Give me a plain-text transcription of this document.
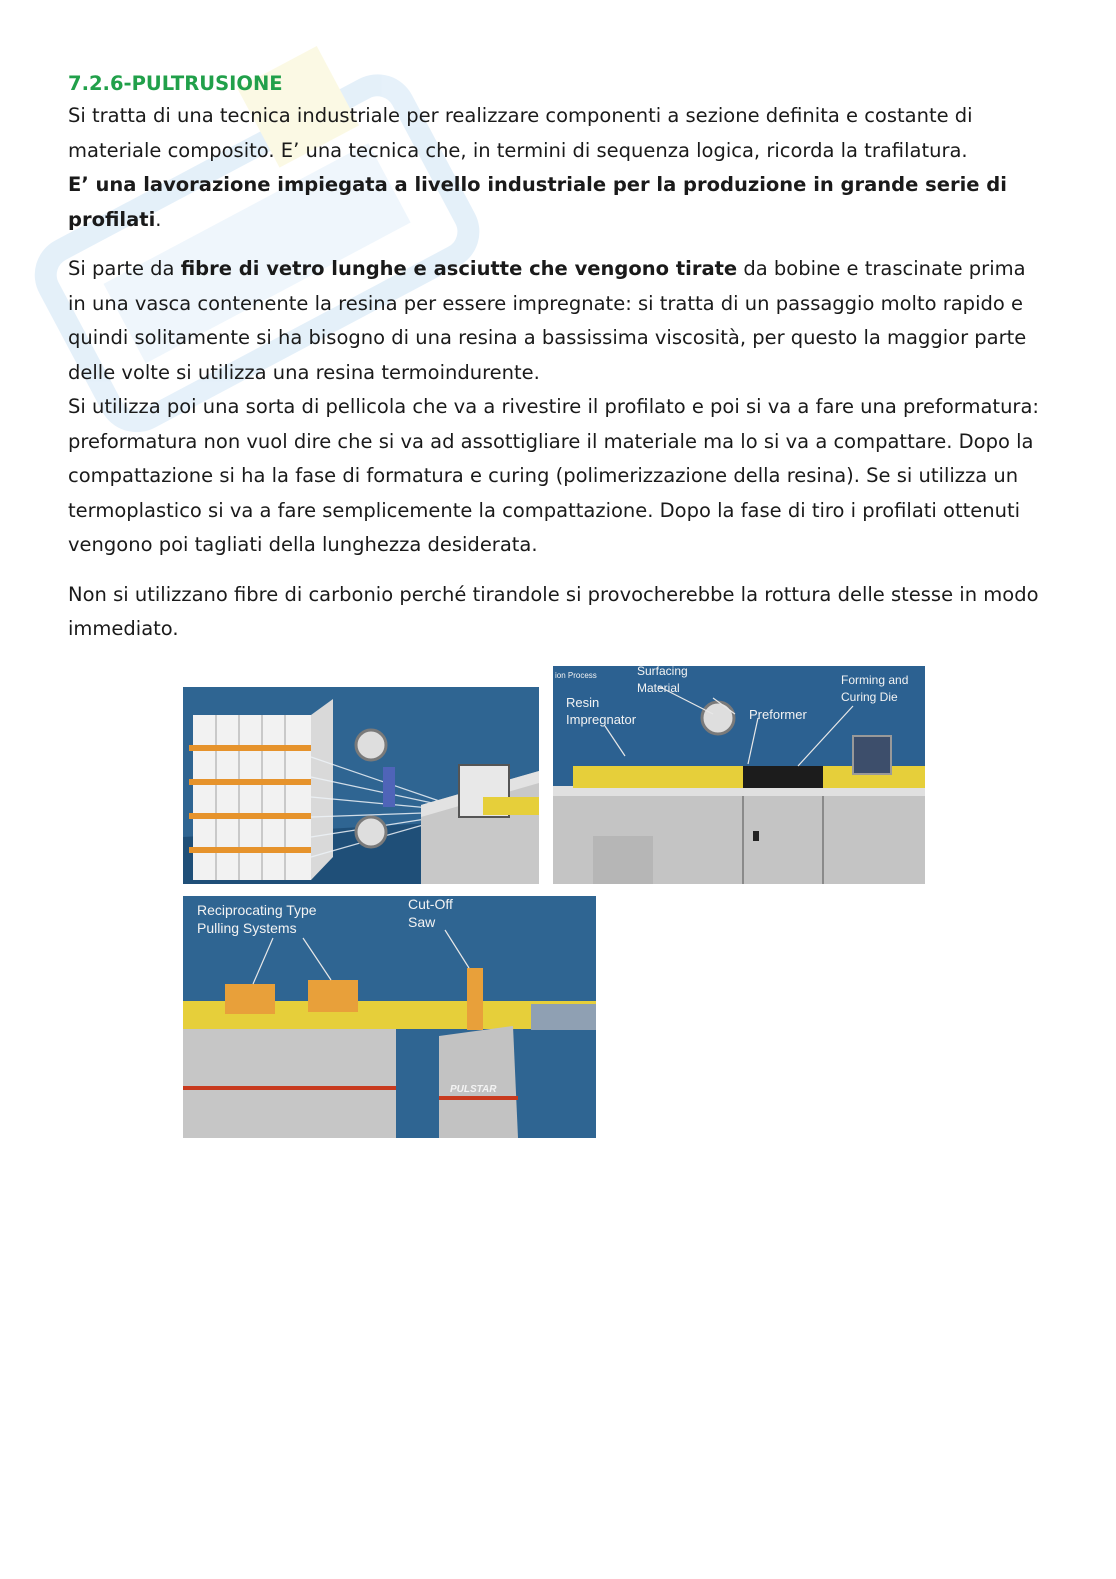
7.2.6-PULTRUSIONE

Si tratta di una tecnica industriale per realizzare componenti a sezione definita e costante di materiale composito. E’ una tecnica che, in termini di sequenza logica, ricorda la trafilatura.
E’ una lavorazione impiegata a livello industriale per la produzione in grande serie di profilati.

Si parte da fibre di vetro lunghe e asciutte che vengono tirate da bobine e trascinate prima in una vasca contenente la resina per essere impregnate: si tratta di un passaggio molto rapido e quindi solitamente si ha bisogno di una resina a bassissima viscosità, per questo la maggior parte delle volte si utilizza una resina termoindurente.
Si utilizza poi una sorta di pellicola che va a rivestire il profilato e poi si va a fare una preformatura: preformatura non vuol dire che si va ad assottigliare il materiale ma lo si va a compattare. Dopo la compattazione si ha la fase di formatura e curing (polimerizzazione della resina). Se si utilizza un termoplastico si va a fare semplicemente la compattazione. Dopo la fase di tiro i profilati ottenuti vengono poi tagliati della lunghezza desiderata.

Non si utilizzano fibre di carbonio perché tirandole si provocherebbe la rottura delle stesse in modo immediato.

ion Process	Surfacing
Material
Resin
Impregnator	Preformer
Forming and
Curing Die
PULSTAR
Reciprocating Type
Pulling Systems
Cut-Off
Saw
